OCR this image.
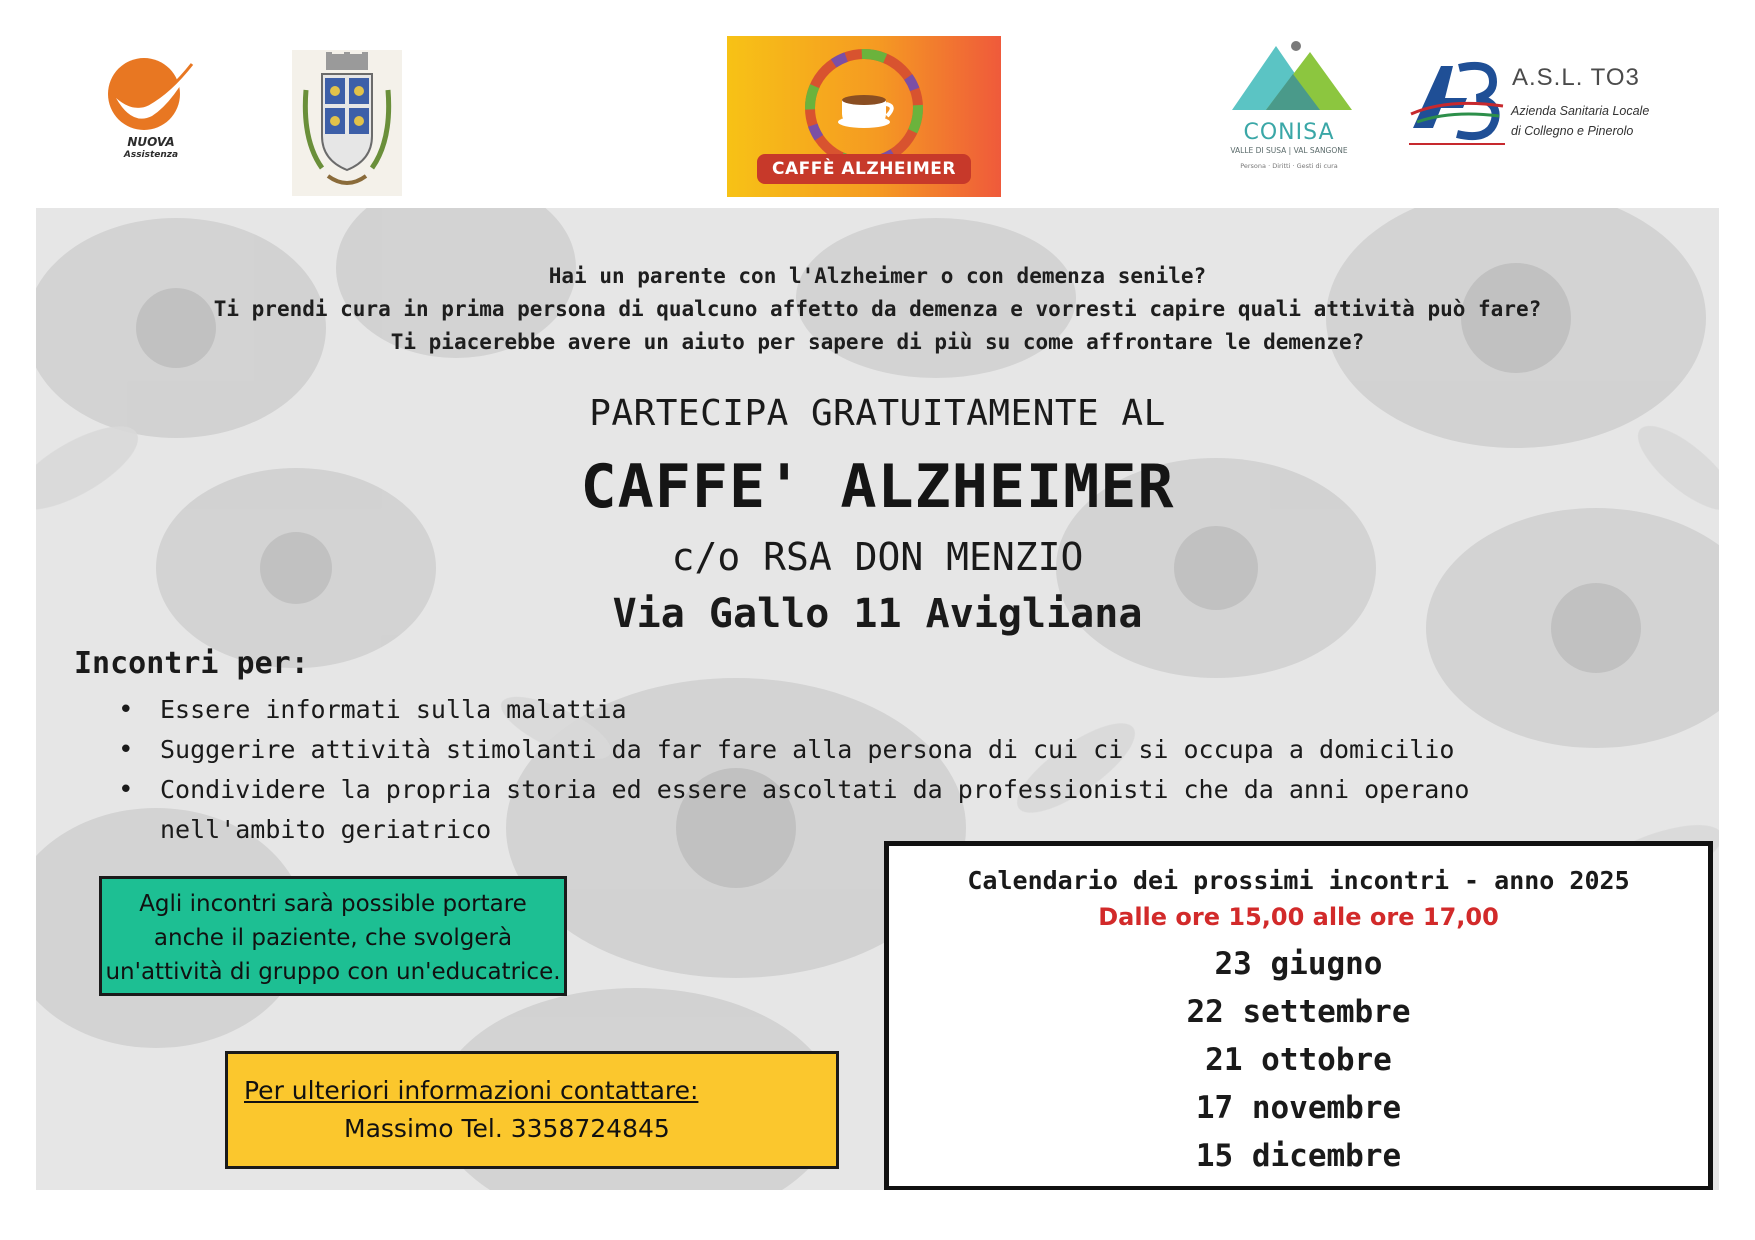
NUOVA
Assistenza
CAFFÈ ALZHEIMER
CONISA
VALLE DI SUSA | VAL SANGONE
Persona · Diritti · Gesti di cura
A.S.L. TO3
Azienda Sanitaria Locale
di Collegno e Pinerolo
Hai un parente con l'Alzheimer o con demenza senile?
Ti prendi cura in prima persona di qualcuno affetto da demenza e vorresti capire quali attività può fare?
Ti piacerebbe avere un aiuto per sapere di più su come affrontare le demenze?
PARTECIPA GRATUITAMENTE AL
CAFFE' ALZHEIMER
c/o RSA DON MENZIO
Via Gallo 11 Avigliana
Incontri per:
• Essere informati sulla malattia
• Suggerire attività stimolanti da far fare alla persona di cui ci si occupa a domicilio
• Condividere la propria storia ed essere ascoltati da professionisti che da anni operano nell'ambito geriatrico
Agli incontri sarà possible portare anche il paziente, che svolgerà un'attività di gruppo con un'educatrice.
Per ulteriori informazioni contattare:
Massimo Tel. 3358724845
Calendario dei prossimi incontri - anno 2025
Dalle ore 15,00 alle ore 17,00
23 giugno
22 settembre
21 ottobre
17 novembre
15 dicembre
